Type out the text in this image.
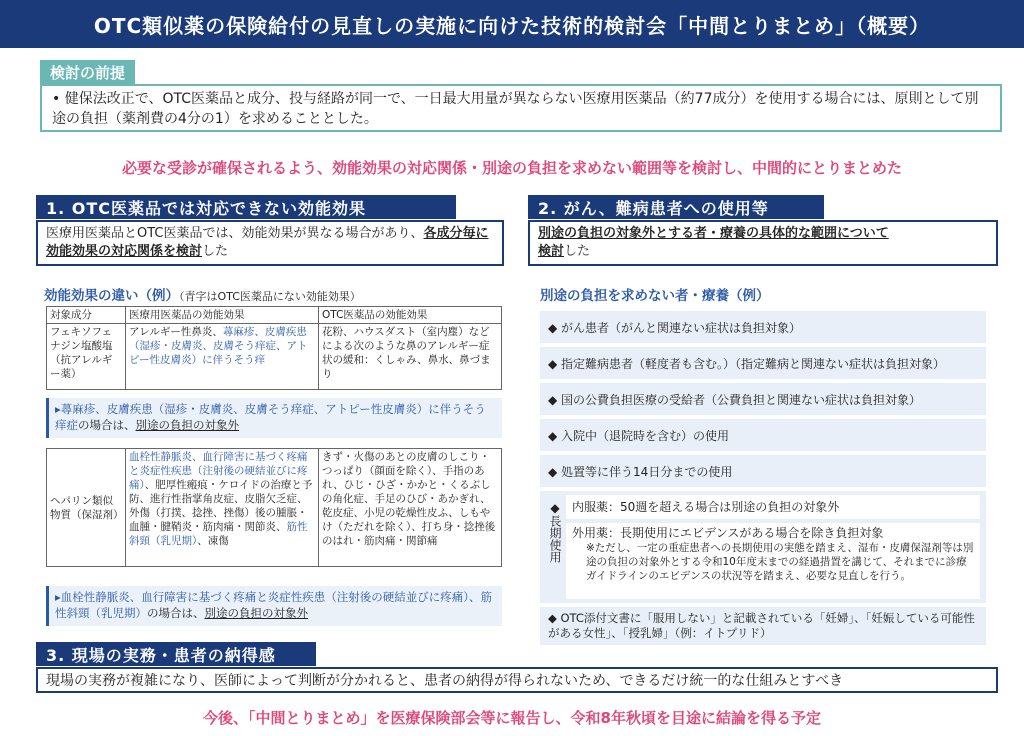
OTC類似薬の保険給付の見直しの実施に向けた技術的検討会「中間とりまとめ」（概要）
検討の前提
• 健保法改正で、OTC医薬品と成分、投与経路が同一で、一日最大用量が異ならない医療用医薬品（約77成分）を使用する場合には、原則として別途の負担（薬剤費の4分の1）を求めることとした。
必要な受診が確保されるよう、効能効果の対応関係・別途の負担を求めない範囲等を検討し、中間的にとりまとめた
1. OTC医薬品では対応できない効能効果
医療用医薬品とOTC医薬品では、効能効果が異なる場合があり、各成分毎に効能効果の対応関係を検討した
効能効果の違い（例）（青字はOTC医薬品にない効能効果）
対象成分	医療用医薬品の効能効果	OTC医薬品の効能効果
フェキソフェナジン塩酸塩（抗アレルギー薬）	アレルギー性鼻炎、蕁麻疹、皮膚疾患（湿疹・皮膚炎、皮膚そう痒症、アトピー性皮膚炎）に伴うそう痒	花粉、ハウスダスト（室内塵）などによる次のような鼻のアレルギー症状の緩和：くしゃみ、鼻水、鼻づまり
▸蕁麻疹、皮膚疾患（湿疹・皮膚炎、皮膚そう痒症、アトピー性皮膚炎）に伴うそう痒症の場合は、別途の負担の対象外
ヘパリン類似物質（保湿剤）	血栓性静脈炎、血行障害に基づく疼痛と炎症性疾患（注射後の硬結並びに疼痛）、肥厚性瘢痕・ケロイドの治療と予防、進行性指掌角皮症、皮脂欠乏症、外傷（打撲、捻挫、挫傷）後の腫脹・血腫・腱鞘炎・筋肉痛・関節炎、筋性斜頸（乳児期）、凍傷	きず・火傷のあとの皮膚のしこり・つっぱり（顔面を除く）、手指のあれ、ひじ・ひざ・かかと・くるぶしの角化症、手足のひび・あかぎれ、乾皮症、小児の乾燥性皮ふ、しもやけ（ただれを除く）、打ち身・捻挫後のはれ・筋肉痛・関節痛
▸血栓性静脈炎、血行障害に基づく疼痛と炎症性疾患（注射後の硬結並びに疼痛）、筋性斜頸（乳児期）の場合は、別途の負担の対象外
2. がん、難病患者への使用等
別途の負担の対象外とする者・療養の具体的な範囲について
検討した
別途の負担を求めない者・療養（例）
◆ がん患者（がんと関連ない症状は負担対象）
◆ 指定難病患者（軽度者も含む。）（指定難病と関連ない症状は負担対象）
◆ 国の公費負担医療の受給者（公費負担と関連ない症状は負担対象）
◆ 入院中（退院時を含む）の使用
◆ 処置等に伴う14日分までの使用
◆長期使用 内服薬：50週を超える場合は別途の負担の対象外
外用薬：長期使用にエビデンスがある場合を除き負担対象
※ただし、一定の重症患者への長期使用の実態を踏まえ、湿布・皮膚保湿剤等は別途の負担の対象外とする令和10年度末までの経過措置を講じて、それまでに診療ガイドラインのエビデンスの状況等を踏まえ、必要な見直しを行う。
◆ OTC添付文書に「服用しない」と記載されている「妊婦」、「妊娠している可能性がある女性」、「授乳婦」（例：イトプリド）
3. 現場の実務・患者の納得感
現場の実務が複雑になり、医師によって判断が分かれると、患者の納得が得られないため、できるだけ統一的な仕組みとすべき
今後、「中間とりまとめ」を医療保険部会等に報告し、令和8年秋頃を目途に結論を得る予定
